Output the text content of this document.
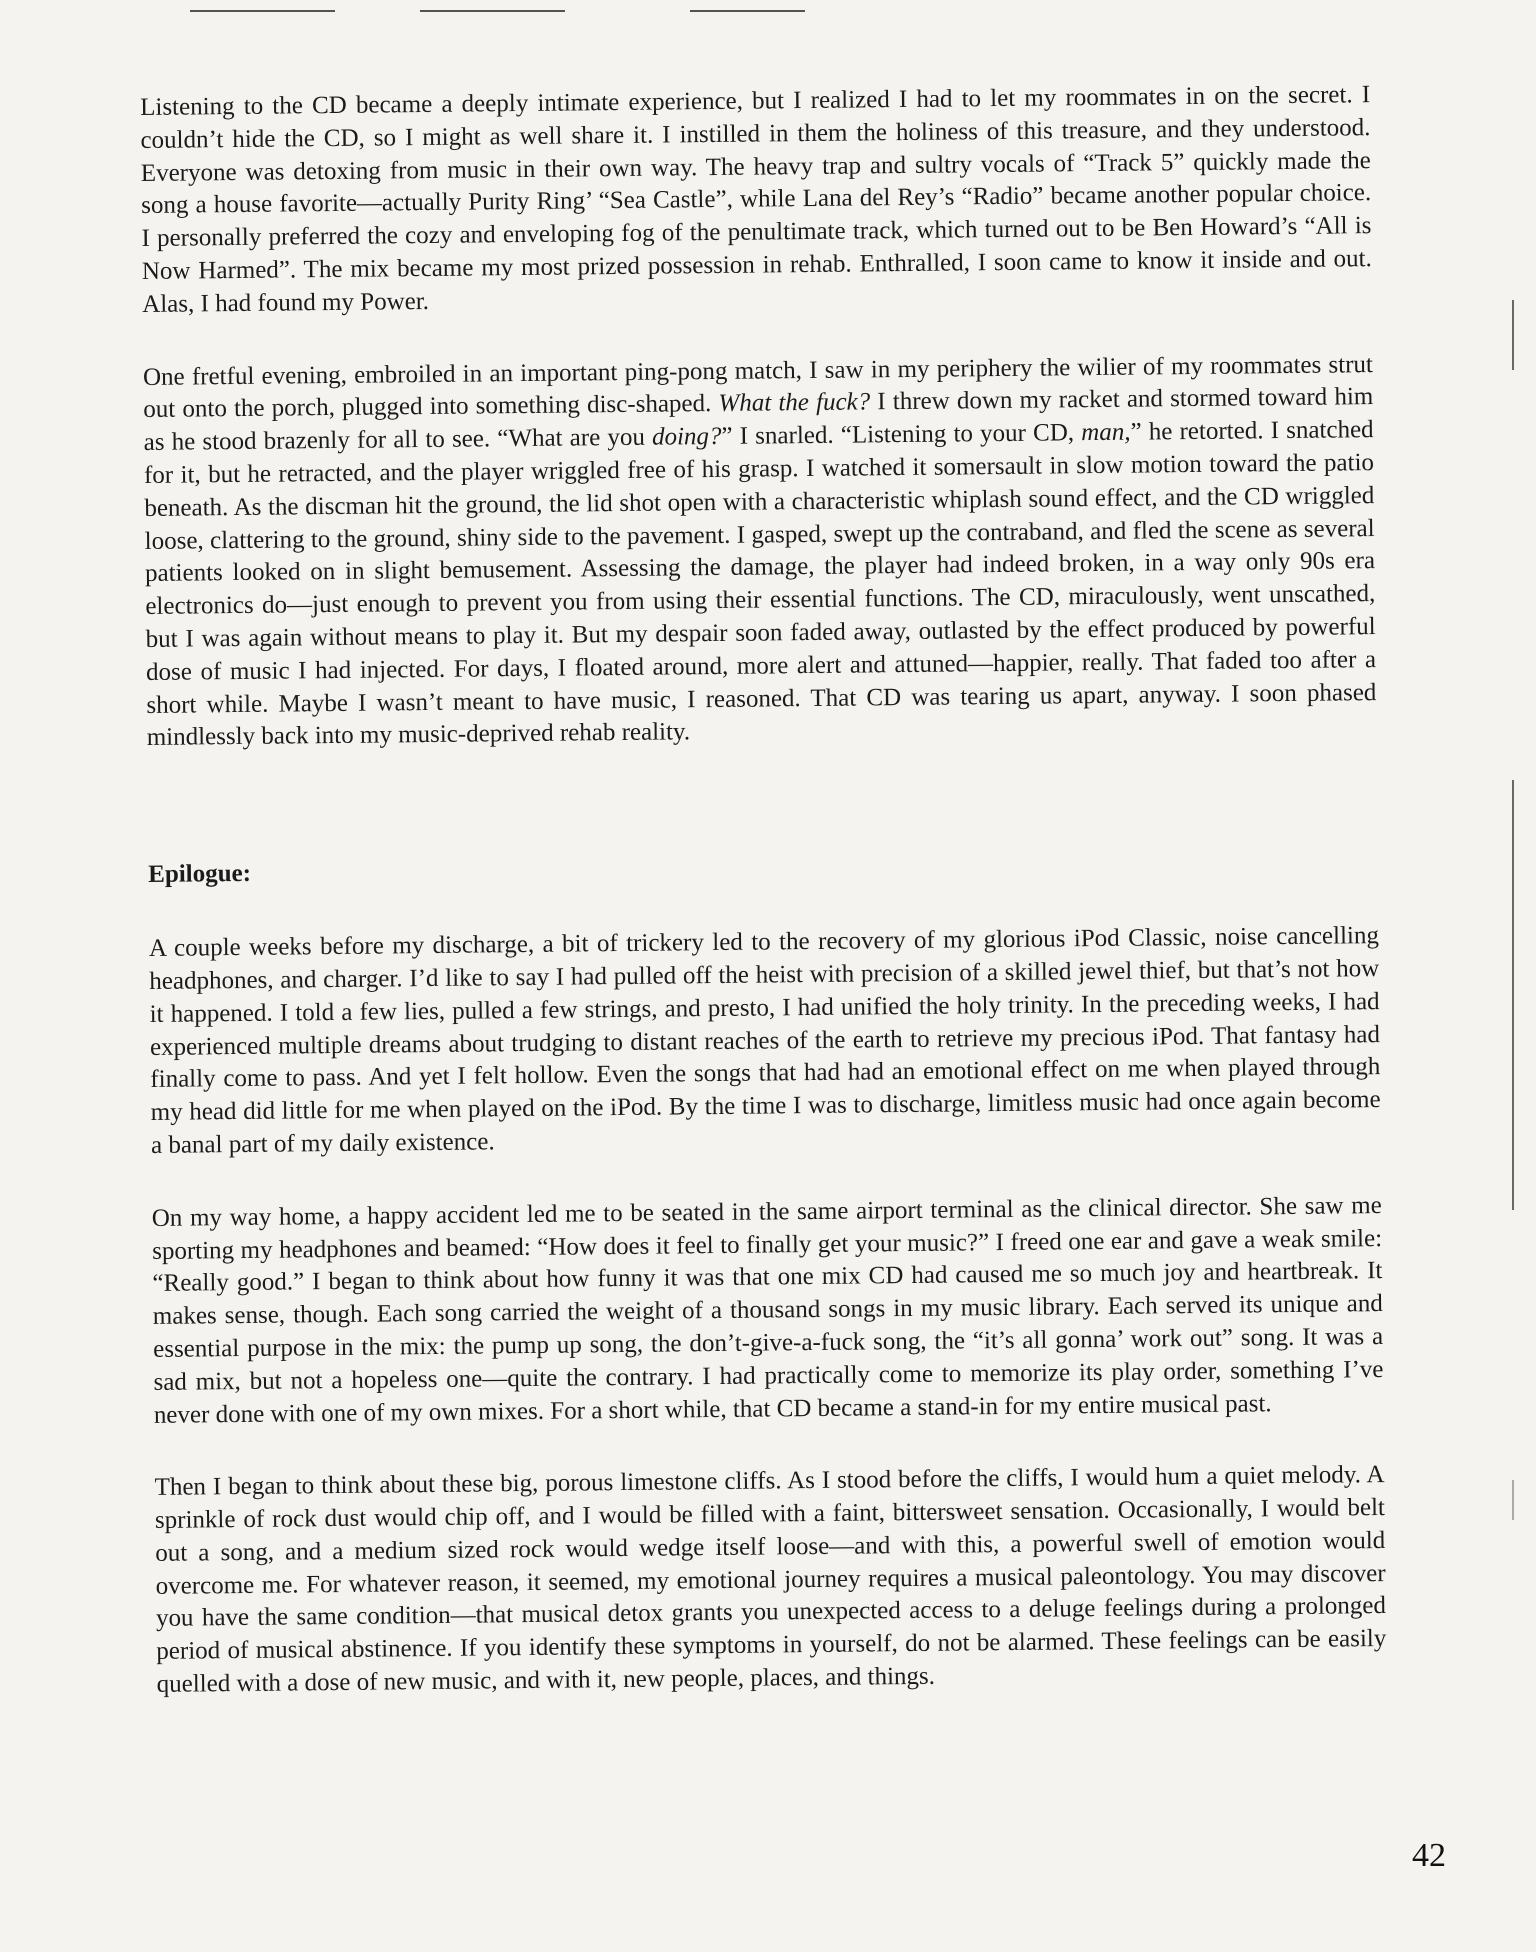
Listening to the CD became a deeply intimate experience, but I realized I had to let my roommates in on the secret. I couldn’t hide the CD, so I might as well share it. I instilled in them the holiness of this treasure, and they understood. Everyone was detoxing from music in their own way. The heavy trap and sultry vocals of “Track 5” quickly made the song a house favorite—actually Purity Ring’ “Sea Castle”, while Lana del Rey’s “Radio” became another popular choice. I personally preferred the cozy and enveloping fog of the penultimate track, which turned out to be Ben Howard’s “All is Now Harmed”. The mix became my most prized possession in rehab. Enthralled, I soon came to know it inside and out. Alas, I had found my Power.

One fretful evening, embroiled in an important ping-pong match, I saw in my periphery the wilier of my roommates strut out onto the porch, plugged into something disc-shaped. What the fuck? I threw down my racket and stormed toward him as he stood brazenly for all to see. “What are you doing?” I snarled. “Listening to your CD, man,” he retorted. I snatched for it, but he retracted, and the player wriggled free of his grasp. I watched it somersault in slow motion toward the patio beneath. As the discman hit the ground, the lid shot open with a characteristic whiplash sound effect, and the CD wriggled loose, clattering to the ground, shiny side to the pavement. I gasped, swept up the contraband, and fled the scene as several patients looked on in slight bemusement. Assessing the damage, the player had indeed broken, in a way only 90s era electronics do—just enough to prevent you from using their essential functions. The CD, miraculously, went unscathed, but I was again without means to play it. But my despair soon faded away, outlasted by the effect produced by powerful dose of music I had injected. For days, I floated around, more alert and attuned—happier, really. That faded too after a short while. Maybe I wasn’t meant to have music, I reasoned. That CD was tearing us apart, anyway. I soon phased mindlessly back into my music-deprived rehab reality.

Epilogue:

A couple weeks before my discharge, a bit of trickery led to the recovery of my glorious iPod Classic, noise cancelling headphones, and charger. I’d like to say I had pulled off the heist with precision of a skilled jewel thief, but that’s not how it happened. I told a few lies, pulled a few strings, and presto, I had unified the holy trinity. In the preceding weeks, I had experienced multiple dreams about trudging to distant reaches of the earth to retrieve my precious iPod. That fantasy had finally come to pass. And yet I felt hollow. Even the songs that had had an emotional effect on me when played through my head did little for me when played on the iPod. By the time I was to discharge, limitless music had once again become a banal part of my daily existence.

On my way home, a happy accident led me to be seated in the same airport terminal as the clinical director. She saw me sporting my headphones and beamed: “How does it feel to finally get your music?” I freed one ear and gave a weak smile: “Really good.” I began to think about how funny it was that one mix CD had caused me so much joy and heartbreak. It makes sense, though. Each song carried the weight of a thousand songs in my music library. Each served its unique and essential purpose in the mix: the pump up song, the don’t-give-a-fuck song, the “it’s all gonna’ work out” song. It was a sad mix, but not a hopeless one—quite the contrary. I had practically come to memorize its play order, something I’ve never done with one of my own mixes. For a short while, that CD became a stand-in for my entire musical past.

Then I began to think about these big, porous limestone cliffs. As I stood before the cliffs, I would hum a quiet melody. A sprinkle of rock dust would chip off, and I would be filled with a faint, bittersweet sensation. Occasionally, I would belt out a song, and a medium sized rock would wedge itself loose—and with this, a powerful swell of emotion would overcome me. For whatever reason, it seemed, my emotional journey requires a musical paleontology. You may discover you have the same condition—that musical detox grants you unexpected access to a deluge feelings during a prolonged period of musical abstinence. If you identify these symptoms in yourself, do not be alarmed. These feelings can be easily quelled with a dose of new music, and with it, new people, places, and things.

42
